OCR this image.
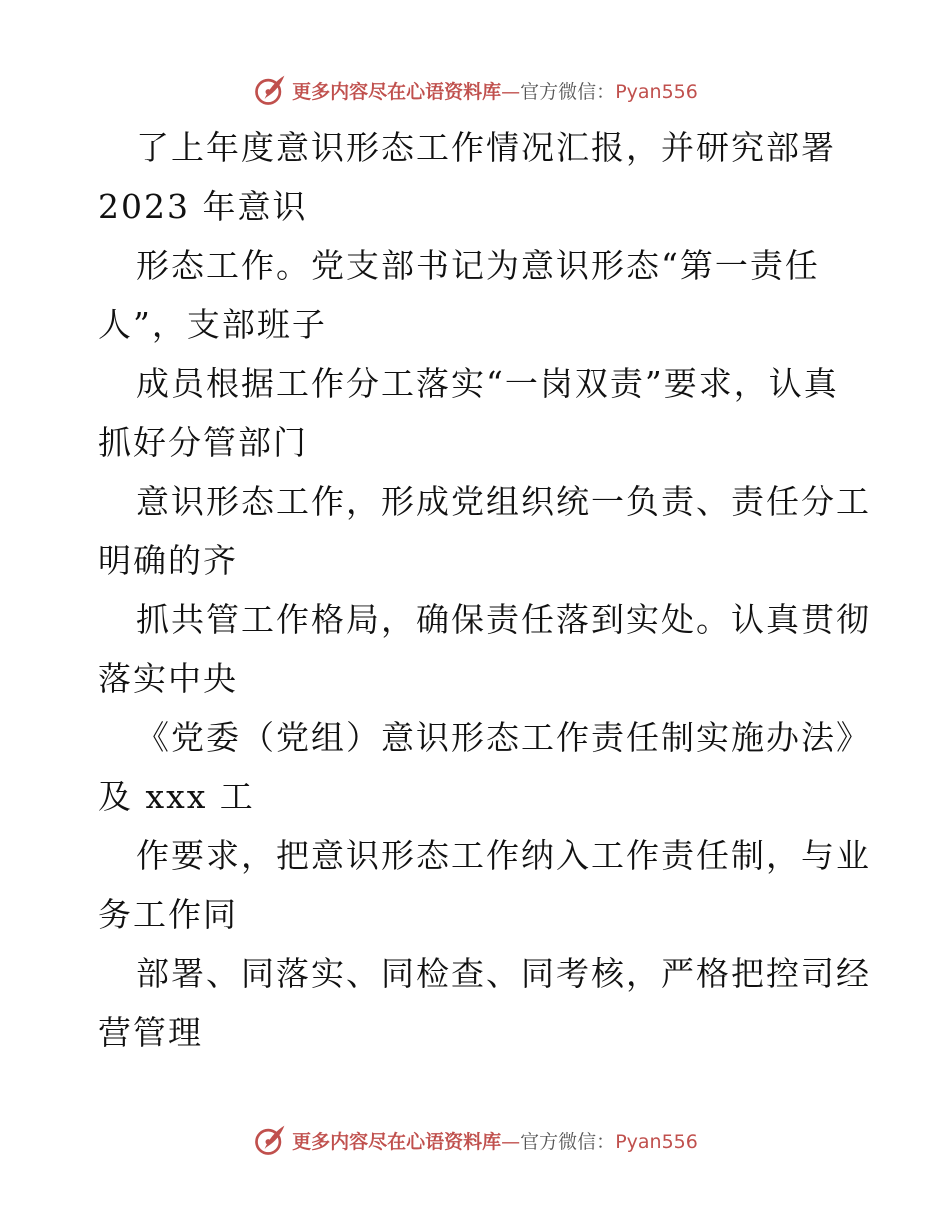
更多内容尽在心语资料库—官方微信：Pyan556
了上年度意识形态工作情况汇报，并研究部署
2023 年意识
形态工作。党支部书记为意识形态“第一责任
人”，支部班子
成员根据工作分工落实“一岗双责”要求，认真
抓好分管部门
意识形态工作，形成党组织统一负责、责任分工
明确的齐
抓共管工作格局，确保责任落到实处。认真贯彻
落实中央
《党委（党组）意识形态工作责任制实施办法》
及 xxx 工
作要求，把意识形态工作纳入工作责任制，与业
务工作同
部署、同落实、同检查、同考核，严格把控司经
营管理
更多内容尽在心语资料库—官方微信：Pyan556
